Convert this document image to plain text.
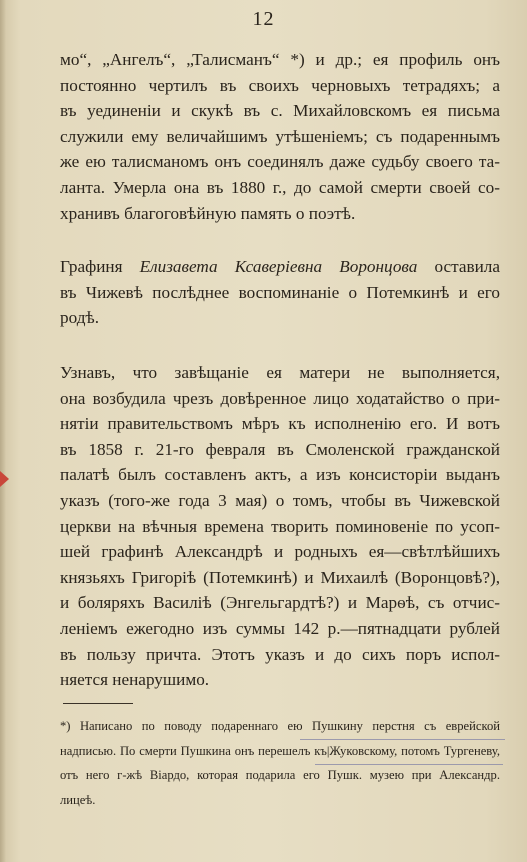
12

мо“, „Ангелъ“, „Талисманъ“ *) и др.; ея профиль онъ
постоянно чертилъ въ своихъ черновыхъ тетрадяхъ; а
въ уединеніи и скукѣ въ с. Михайловскомъ ея письма
служили ему величайшимъ утѣшеніемъ; съ подареннымъ
же ею талисманомъ онъ соединялъ даже судьбу своего та-
ланта. Умерла она въ 1880 г., до самой смерти своей со-
хранивъ благоговѣйную память о поэтѣ.

Графиня Елизавета Ксаверіевна Воронцова оставила
въ Чижевѣ послѣднее воспоминаніе о Потемкинѣ и его
родѣ.

Узнавъ, что завѣщаніе ея матери не выполняется,
она возбудила чрезъ довѣренное лицо ходатайство о при-
нятіи правительствомъ мѣръ къ исполненію его. И вотъ
въ 1858 г. 21-го февраля въ Смоленской гражданской
палатѣ былъ составленъ актъ, а изъ консисторіи выданъ
указъ (того-же года 3 мая) о томъ, чтобы въ Чижевской
церкви на вѣчныя времена творить поминовеніе по усоп-
шей графинѣ Александрѣ и родныхъ ея—свѣтлѣйшихъ
князьяхъ Григоріѣ (Потемкинѣ) и Михаилѣ (Воронцовѣ?),
и боляряхъ Василіѣ (Энгельгардтѣ?) и Марѳѣ, съ отчис-
леніемъ ежегодно изъ суммы 142 р.—пятнадцати рублей
въ пользу причта. Этотъ указъ и до сихъ поръ испол-
няется ненарушимо.

*) Написано по поводу подареннаго ею Пушкину перстня съ еврейской
надписью. По смерти Пушкина онъ перешелъ къ|Жуковскому, потомъ Тургеневу,
отъ него г-жѣ Віардо, которая подарила его Пушк. музею при Александр.
лицеѣ.
